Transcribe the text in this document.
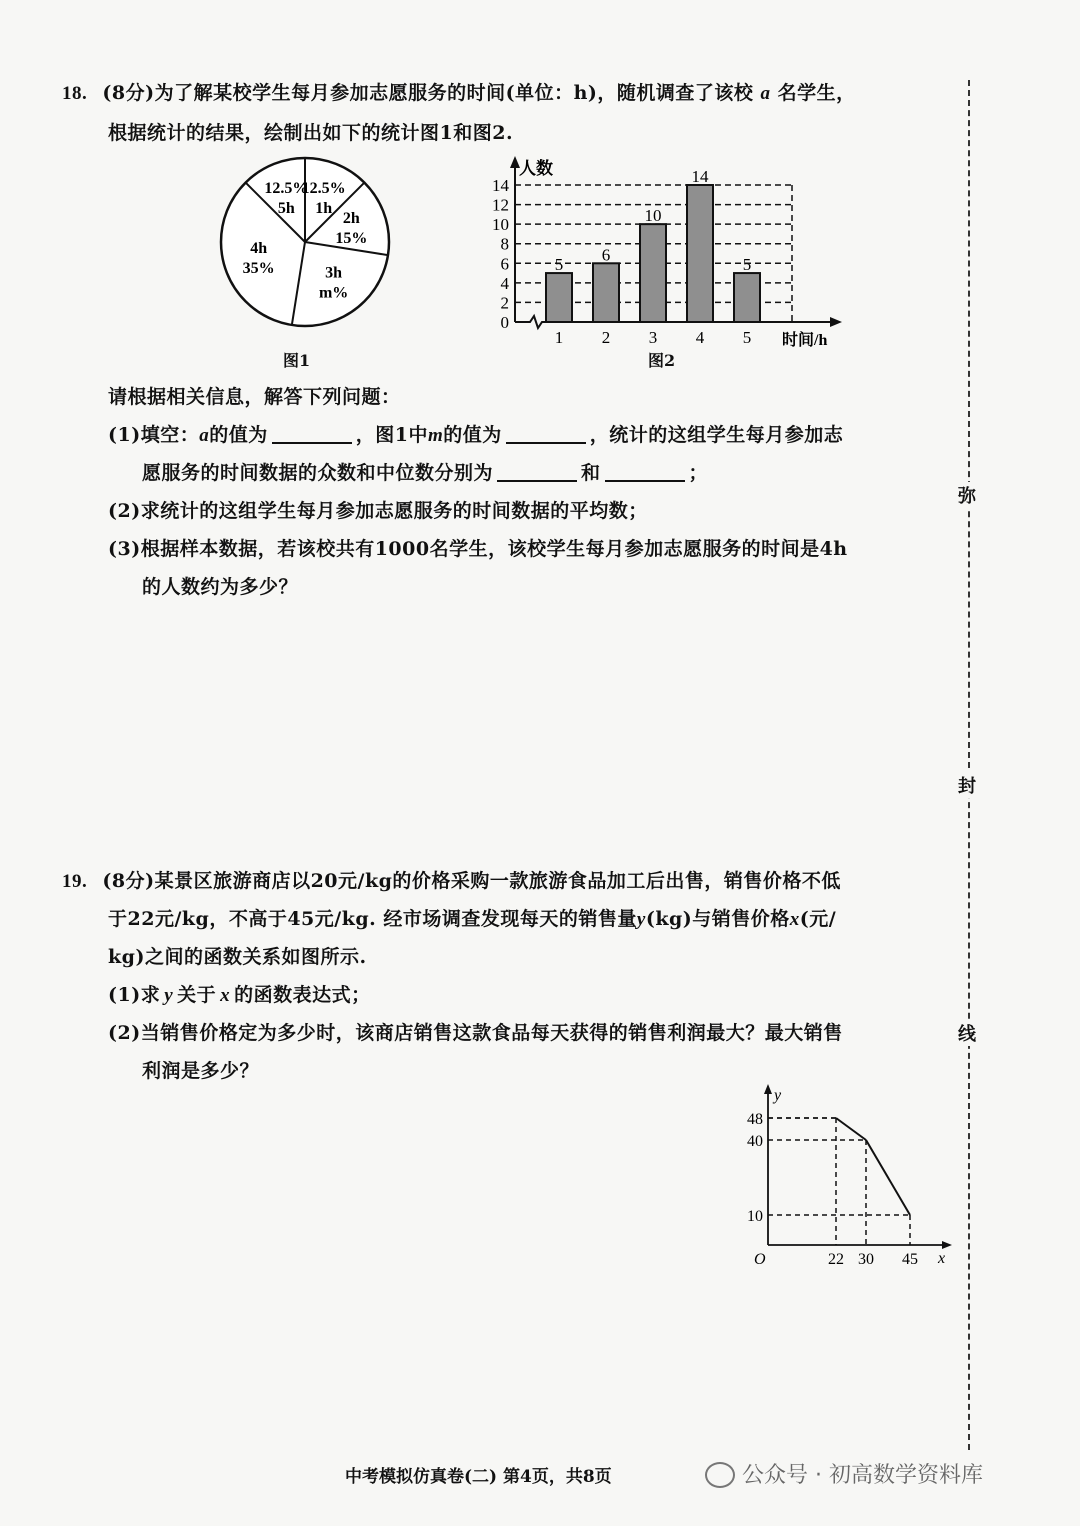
18. (8分)为了解某校学生每月参加志愿服务的时间(单位：h)，随机调查了该校 a 名学生，
根据统计的结果，绘制出如下的统计图1和图2.
12.5%
1h
2h
15%
3h
m%
4h
35%
12.5%
5h
图1
人数
时间/h
0
2
4
6
8
10
12
14
5
1
6
2
10
3
14
4
5
5
图2
请根据相关信息，解答下列问题：
(1)填空：a的值为	，图1中m的值为	，统计的这组学生每月参加志
愿服务的时间数据的众数和中位数分别为	和	；
(2)求统计的这组学生每月参加志愿服务的时间数据的平均数；
(3)根据样本数据，若该校共有1000名学生，该校学生每月参加志愿服务的时间是4h
的人数约为多少？
19. (8分)某景区旅游商店以20元/kg的价格采购一款旅游食品加工后出售，销售价格不低
于22元/kg，不高于45元/kg. 经市场调查发现每天的销售量y(kg)与销售价格x(元/
kg)之间的函数关系如图所示.
(1)求 y 关于 x 的函数表达式；
(2)当销售价格定为多少时，该商店销售这款食品每天获得的销售利润最大？最大销售
利润是多少？
y
x
O	22 30 45
48
40
10
弥
封
线
中考模拟仿真卷(二) 第4页，共8页	公众号 · 初高数学资料库
